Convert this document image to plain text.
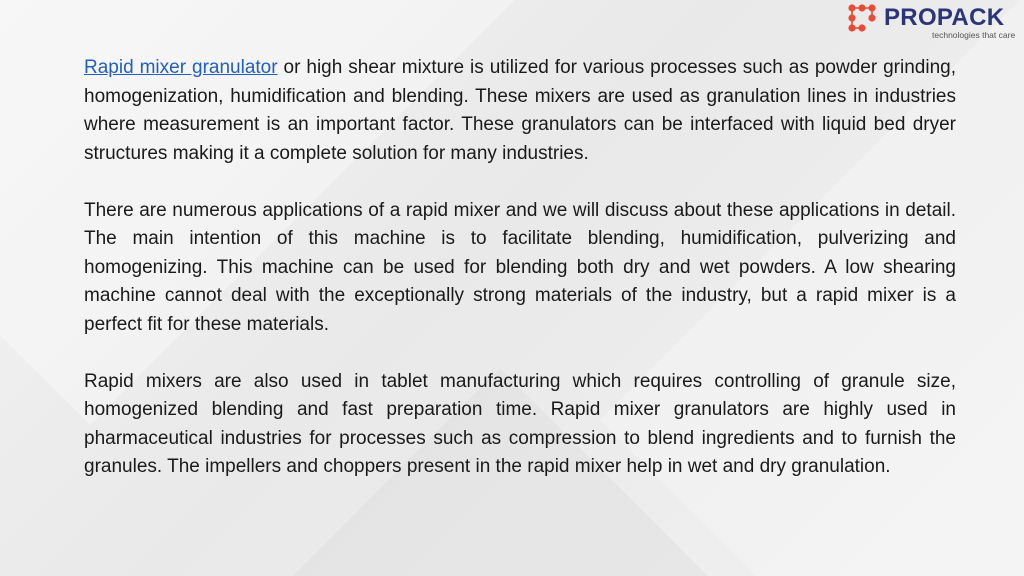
PROPACK
technologies that care

Rapid mixer granulator or high shear mixture is utilized for various processes such as powder grinding, homogenization, humidification and blending. These mixers are used as granulation lines in industries where measurement is an important factor. These granulators can be interfaced with liquid bed dryer structures making it a complete solution for many industries.

There are numerous applications of a rapid mixer and we will discuss about these applications in detail. The main intention of this machine is to facilitate blending, humidification, pulverizing and homogenizing. This machine can be used for blending both dry and wet powders. A low shearing machine cannot deal with the exceptionally strong materials of the industry, but a rapid mixer is a perfect fit for these materials.

Rapid mixers are also used in tablet manufacturing which requires controlling of granule size, homogenized blending and fast preparation time. Rapid mixer granulators are highly used in pharmaceutical industries for processes such as compression to blend ingredients and to furnish the granules. The impellers and choppers present in the rapid mixer help in wet and dry granulation.
